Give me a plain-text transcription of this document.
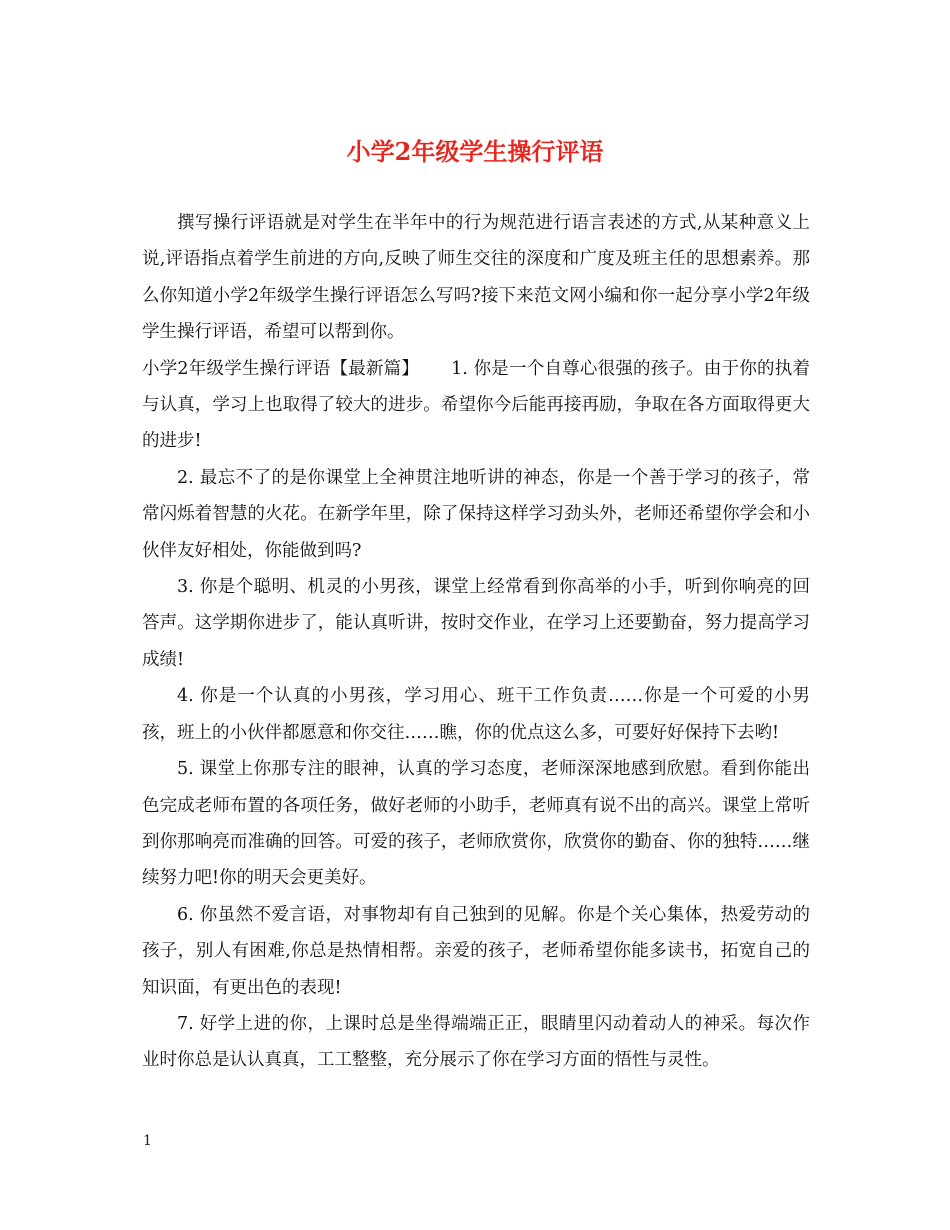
小学2年级学生操行评语

撰写操行评语就是对学生在半年中的行为规范进行语言表述的方式,从某种意义上说,评语指点着学生前进的方向,反映了师生交往的深度和广度及班主任的思想素养。那么你知道小学2年级学生操行评语怎么写吗?接下来范文网小编和你一起分享小学2年级学生操行评语，希望可以帮到你。

小学2年级学生操行评语【最新篇】 1. 你是一个自尊心很强的孩子。由于你的执着与认真，学习上也取得了较大的进步。希望你今后能再接再励，争取在各方面取得更大的进步!

2. 最忘不了的是你课堂上全神贯注地听讲的神态，你是一个善于学习的孩子，常常闪烁着智慧的火花。在新学年里，除了保持这样学习劲头外，老师还希望你学会和小伙伴友好相处，你能做到吗?

3. 你是个聪明、机灵的小男孩，课堂上经常看到你高举的小手，听到你响亮的回答声。这学期你进步了，能认真听讲，按时交作业，在学习上还要勤奋，努力提高学习成绩!

4. 你是一个认真的小男孩，学习用心、班干工作负责……你是一个可爱的小男孩，班上的小伙伴都愿意和你交往……瞧，你的优点这么多，可要好好保持下去哟!

5. 课堂上你那专注的眼神，认真的学习态度，老师深深地感到欣慰。看到你能出色完成老师布置的各项任务，做好老师的小助手，老师真有说不出的高兴。课堂上常听到你那响亮而准确的回答。可爱的孩子，老师欣赏你，欣赏你的勤奋、你的独特……继续努力吧!你的明天会更美好。

6. 你虽然不爱言语，对事物却有自己独到的见解。你是个关心集体，热爱劳动的孩子，别人有困难,你总是热情相帮。亲爱的孩子，老师希望你能多读书，拓宽自己的知识面，有更出色的表现!

7. 好学上进的你，上课时总是坐得端端正正，眼睛里闪动着动人的神采。每次作业时你总是认认真真，工工整整，充分展示了你在学习方面的悟性与灵性。

1
